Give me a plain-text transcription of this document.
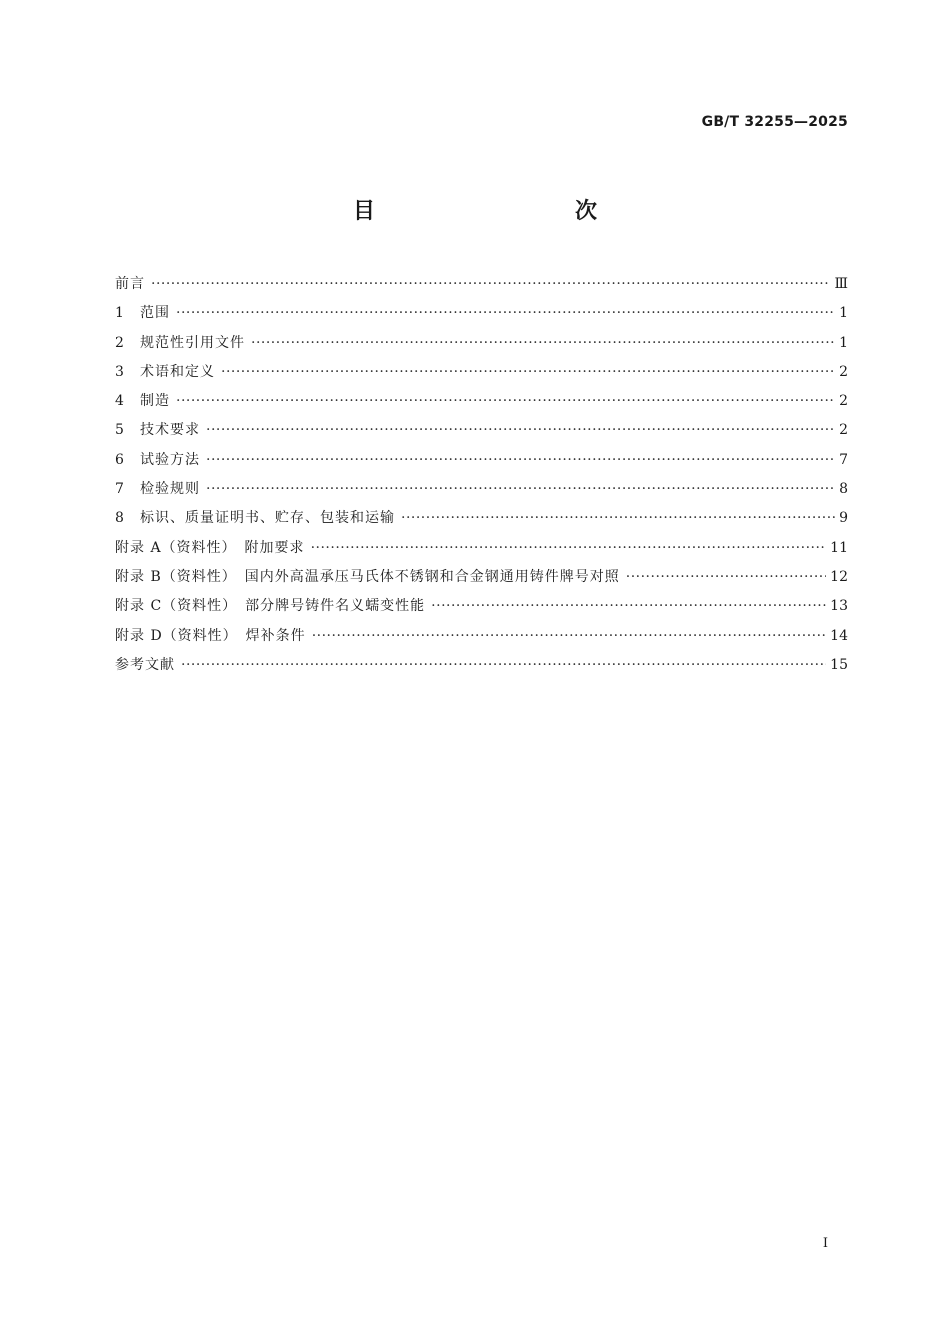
GB/T 32255—2025
目　　次
前言 ·····	Ⅲ
1 范围 ·····	1
2 规范性引用文件 ·····	1
3 术语和定义 ·····	2
4 制造 ·····	2
5 技术要求 ·····	2
6 试验方法 ·····	7
7 检验规则 ·····	8
8 标识、质量证明书、贮存、包装和运输 ·····	9
附录 A（资料性）　附加要求 ·····	11
附录 B（资料性）　国内外高温承压马氏体不锈钢和合金钢通用铸件牌号对照 ·····	12
附录 C（资料性）　部分牌号铸件名义蠕变性能 ·····	13
附录 D（资料性）　焊补条件 ·····	14
参考文献 ·····	15
I
